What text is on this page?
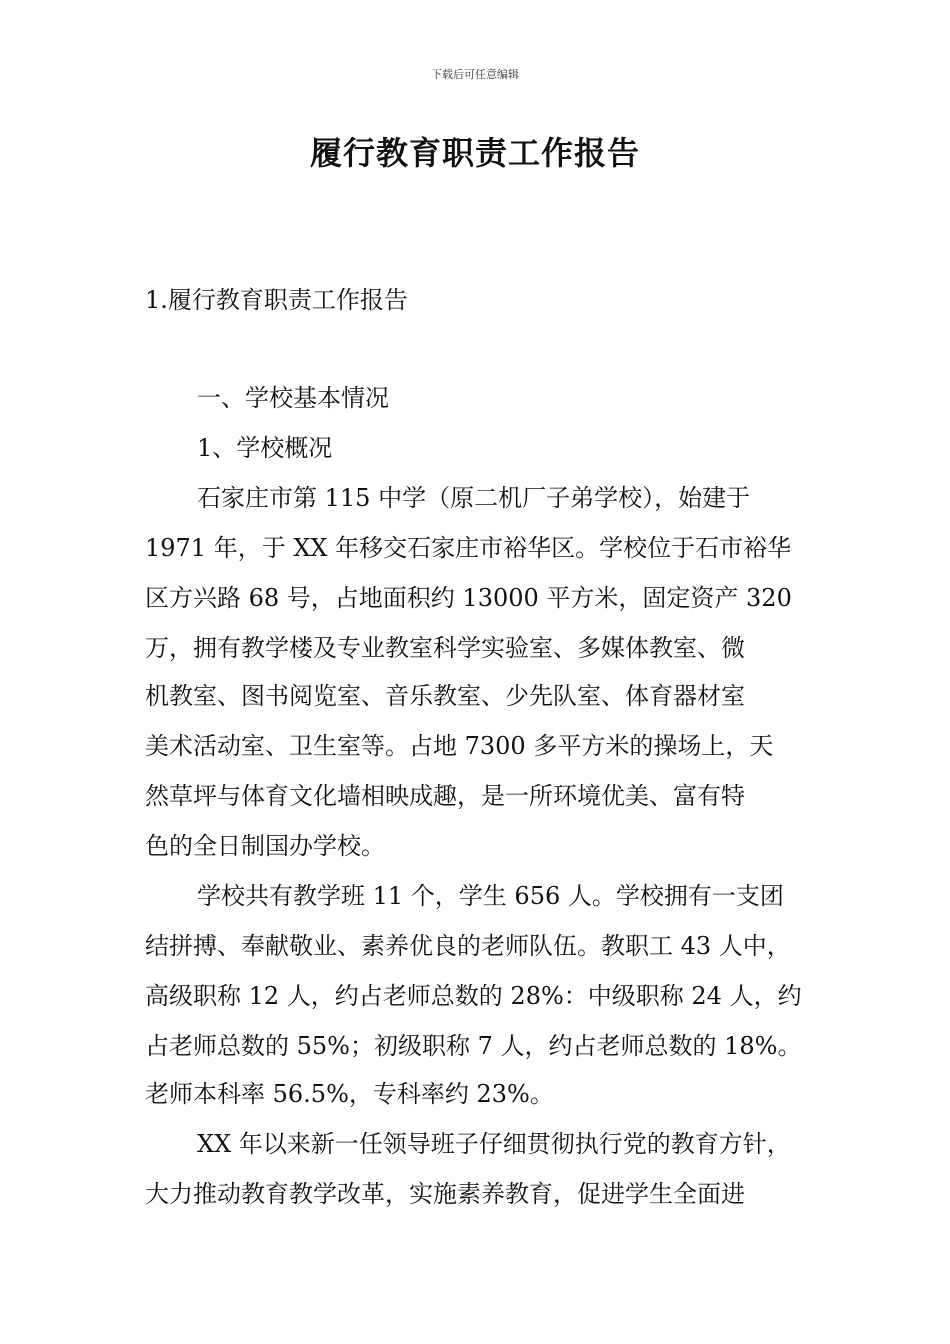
下载后可任意编辑
履行教育职责工作报告
1.履行教育职责工作报告
一、学校基本情况
1、学校概况
石家庄市第 115 中学（原二机厂子弟学校），始建于
1971 年，于 XX 年移交石家庄市裕华区。学校位于石市裕华
区方兴路 68 号，占地面积约 13000 平方米，固定资产 320
万，拥有教学楼及专业教室科学实验室、多媒体教室、微
机教室、图书阅览室、音乐教室、少先队室、体育器材室
美术活动室、卫生室等。占地 7300 多平方米的操场上，天
然草坪与体育文化墙相映成趣，是一所环境优美、富有特
色的全日制国办学校。
学校共有教学班 11 个，学生 656 人。学校拥有一支团
结拼搏、奉献敬业、素养优良的老师队伍。教职工 43 人中，
高级职称 12 人，约占老师总数的 28%：中级职称 24 人，约
占老师总数的 55%；初级职称 7 人，约占老师总数的 18%。
老师本科率 56.5%，专科率约 23%。
XX 年以来新一任领导班子仔细贯彻执行党的教育方针，
大力推动教育教学改革，实施素养教育，促进学生全面进
